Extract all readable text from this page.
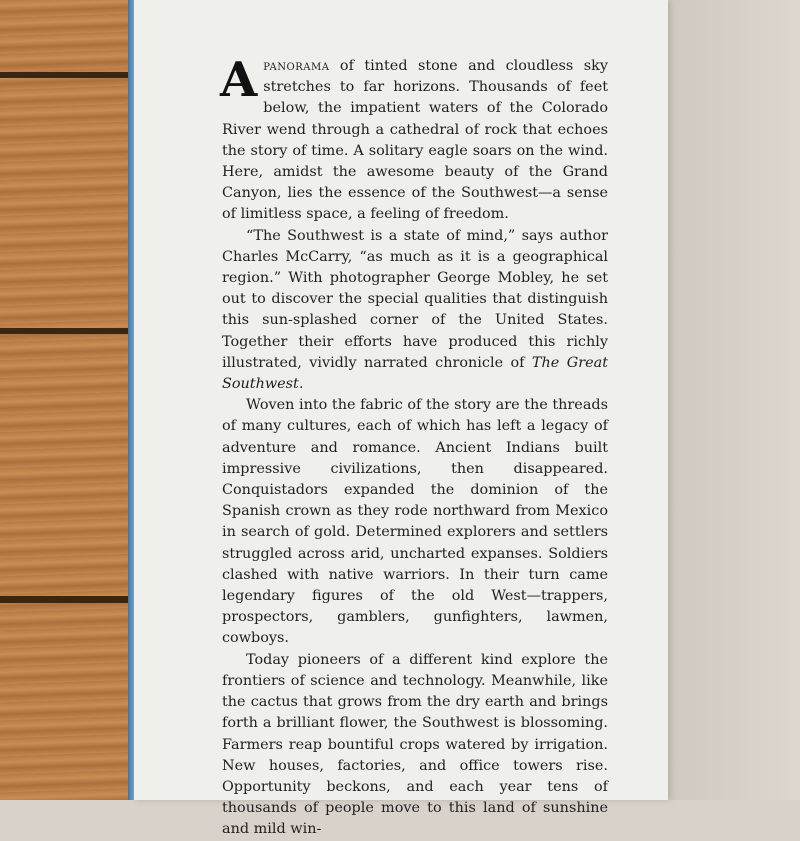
Apanorama of tinted stone and cloudless sky stretches to far horizons. Thousands of feet below, the impatient waters of the Colorado River wend through a cathedral of rock that echoes the story of time. A solitary eagle soars on the wind. Here, amidst the awesome beauty of the Grand Canyon, lies the essence of the Southwest—a sense of limitless space, a feeling of freedom.

“The Southwest is a state of mind,” says author Charles McCarry, “as much as it is a geographical region.” With photographer George Mobley, he set out to discover the special qualities that distinguish this sun-splashed corner of the United States. Together their efforts have produced this richly illustrated, vividly narrated chronicle of The Great Southwest.

Woven into the fabric of the story are the threads of many cultures, each of which has left a legacy of adventure and romance. Ancient Indians built impressive civilizations, then disappeared. Conquistadors expanded the dominion of the Spanish crown as they rode northward from Mexico in search of gold. Determined explorers and settlers struggled across arid, uncharted expanses. Soldiers clashed with native warriors. In their turn came legendary figures of the old West—trappers, prospectors, gamblers, gunfighters, lawmen, cowboys.

Today pioneers of a different kind explore the frontiers of science and technology. Meanwhile, like the cactus that grows from the dry earth and brings forth a brilliant flower, the Southwest is blossoming. Farmers reap bountiful crops watered by irrigation. New houses, factories, and office towers rise. Opportunity beckons, and each year tens of thousands of people move to this land of sunshine and mild win-
